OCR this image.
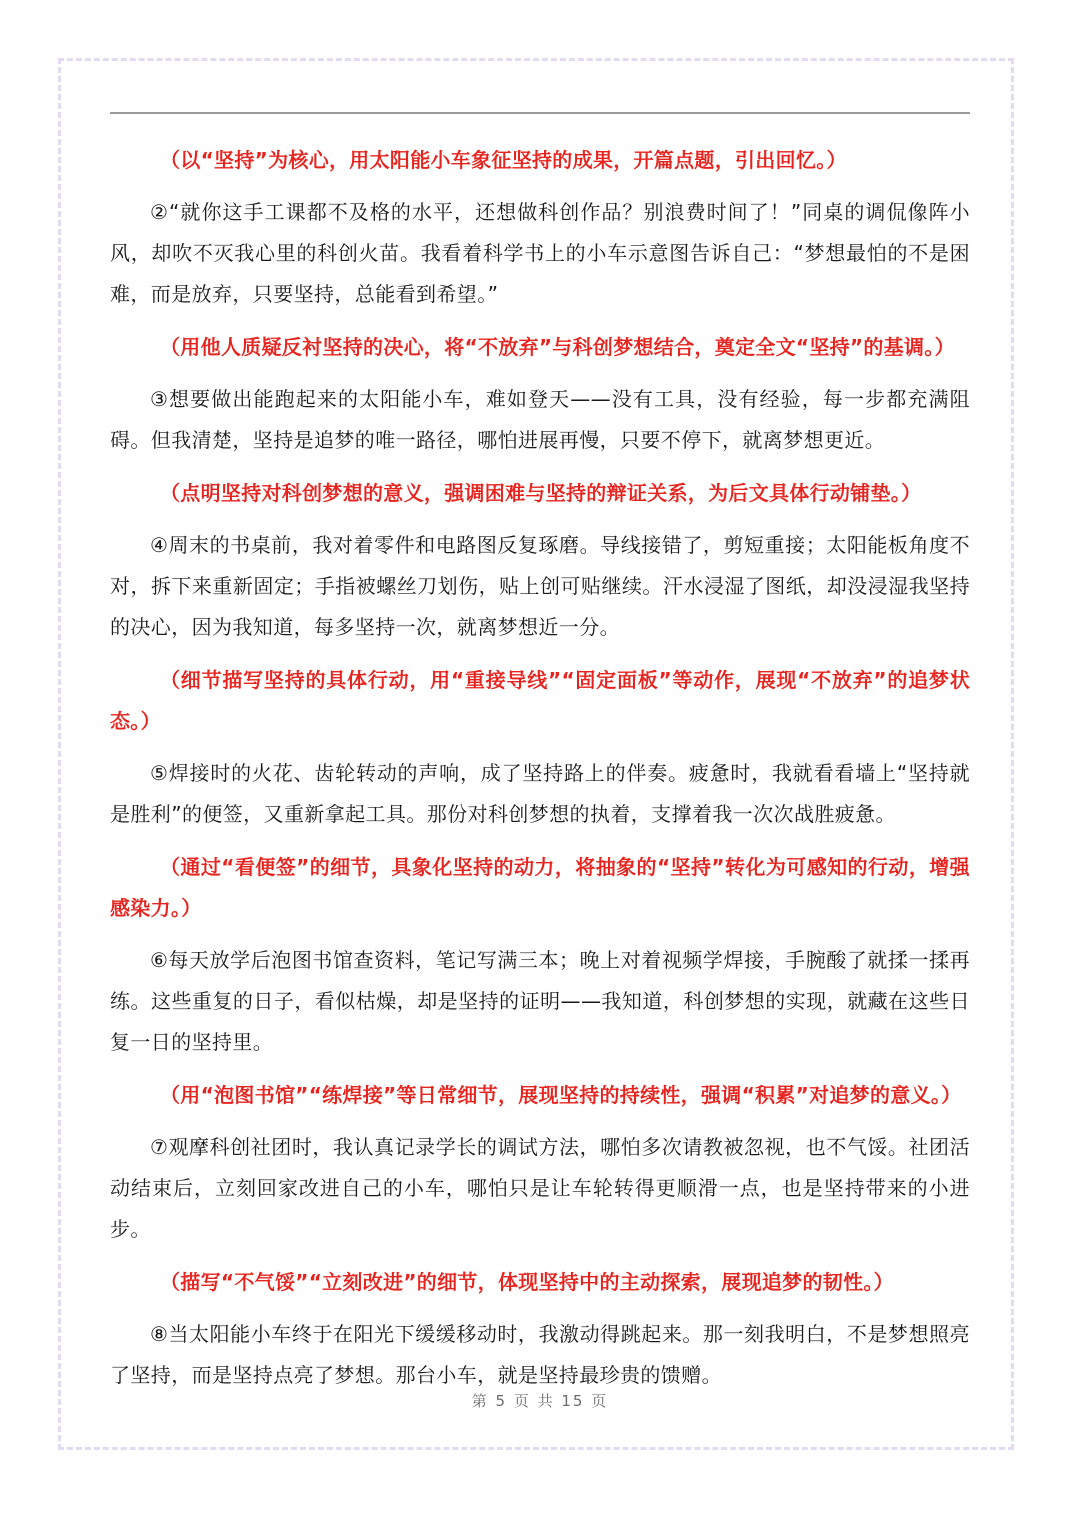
（以“坚持”为核心，用太阳能小车象征坚持的成果，开篇点题，引出回忆。）

②“就你这手工课都不及格的水平，还想做科创作品？别浪费时间了！”同桌的调侃像阵小风，却吹不灭我心里的科创火苗。我看着科学书上的小车示意图告诉自己：“梦想最怕的不是困难，而是放弃，只要坚持，总能看到希望。”

（用他人质疑反衬坚持的决心，将“不放弃”与科创梦想结合，奠定全文“坚持”的基调。）

③想要做出能跑起来的太阳能小车，难如登天——没有工具，没有经验，每一步都充满阻碍。但我清楚，坚持是追梦的唯一路径，哪怕进展再慢，只要不停下，就离梦想更近。

（点明坚持对科创梦想的意义，强调困难与坚持的辩证关系，为后文具体行动铺垫。）

④周末的书桌前，我对着零件和电路图反复琢磨。导线接错了，剪短重接；太阳能板角度不对，拆下来重新固定；手指被螺丝刀划伤，贴上创可贴继续。汗水浸湿了图纸，却没浸湿我坚持的决心，因为我知道，每多坚持一次，就离梦想近一分。

（细节描写坚持的具体行动，用“重接导线”“固定面板”等动作，展现“不放弃”的追梦状态。）

⑤焊接时的火花、齿轮转动的声响，成了坚持路上的伴奏。疲惫时，我就看看墙上“坚持就是胜利”的便签，又重新拿起工具。那份对科创梦想的执着，支撑着我一次次战胜疲惫。

（通过“看便签”的细节，具象化坚持的动力，将抽象的“坚持”转化为可感知的行动，增强感染力。）

⑥每天放学后泡图书馆查资料，笔记写满三本；晚上对着视频学焊接，手腕酸了就揉一揉再练。这些重复的日子，看似枯燥，却是坚持的证明——我知道，科创梦想的实现，就藏在这些日复一日的坚持里。

（用“泡图书馆”“练焊接”等日常细节，展现坚持的持续性，强调“积累”对追梦的意义。）

⑦观摩科创社团时，我认真记录学长的调试方法，哪怕多次请教被忽视，也不气馁。社团活动结束后，立刻回家改进自己的小车，哪怕只是让车轮转得更顺滑一点，也是坚持带来的小进步。

（描写“不气馁”“立刻改进”的细节，体现坚持中的主动探索，展现追梦的韧性。）

⑧当太阳能小车终于在阳光下缓缓移动时，我激动得跳起来。那一刻我明白，不是梦想照亮了坚持，而是坚持点亮了梦想。那台小车，就是坚持最珍贵的馈赠。

第 5 页 共 15 页
